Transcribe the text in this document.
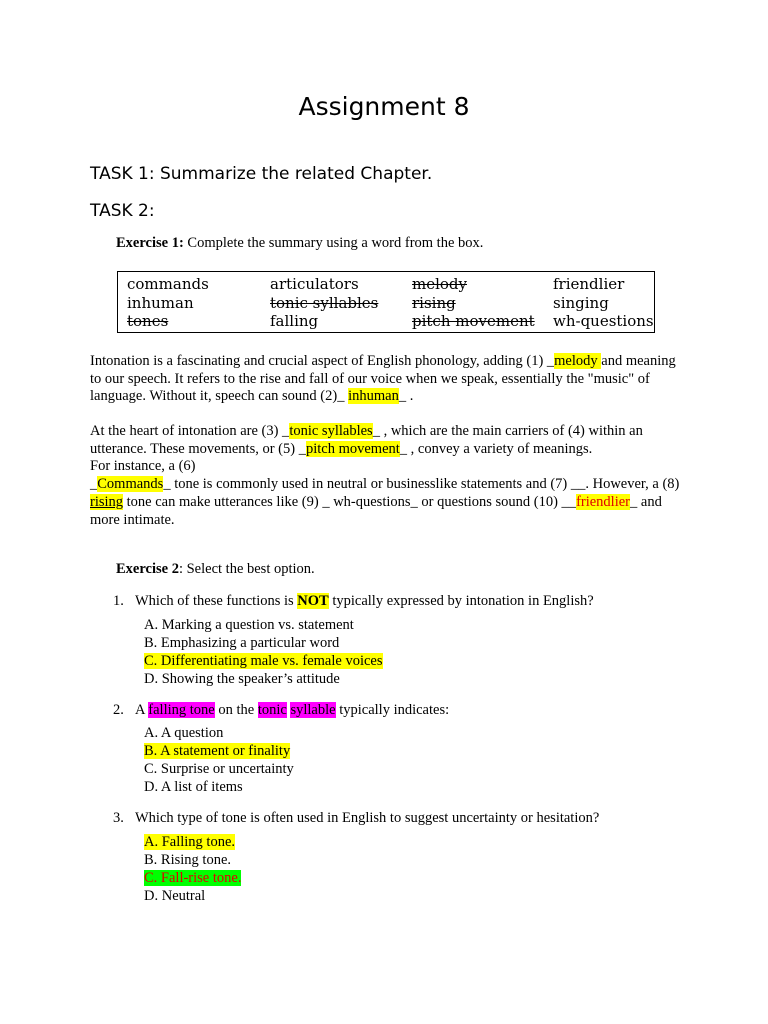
Assignment 8
TASK 1: Summarize the related Chapter.
TASK 2:
Exercise 1: Complete the summary using a word from the box.
commands	articulators	melody	friendlier
inhuman	tonic syllables	rising	singing
tones	falling	pitch movement	wh-questions
Intonation is a fascinating and crucial aspect of English phonology, adding (1) _melody and meaning to our speech. It refers to the rise and fall of our voice when we speak, essentially the "music" of language. Without it, speech can sound (2)_ inhuman_ .
At the heart of intonation are (3) _tonic syllables_ , which are the main carriers of (4) within an utterance. These movements, or (5) _pitch movement_ , convey a variety of meanings.
For instance, a (6)
_Commands_ tone is commonly used in neutral or businesslike statements and (7) __. However, a (8) rising tone can make utterances like (9) _ wh-questions_ or questions sound (10) __friendlier_ and more intimate.
Exercise 2: Select the best option.
1. Which of these functions is NOT typically expressed by intonation in English?
A. Marking a question vs. statement
B. Emphasizing a particular word
C. Differentiating male vs. female voices
D. Showing the speaker’s attitude
2. A falling tone on the tonic syllable typically indicates:
A. A question
B. A statement or finality
C. Surprise or uncertainty
D. A list of items
3. Which type of tone is often used in English to suggest uncertainty or hesitation?
A. Falling tone.
B. Rising tone.
C. Fall-rise tone.
D. Neutral
